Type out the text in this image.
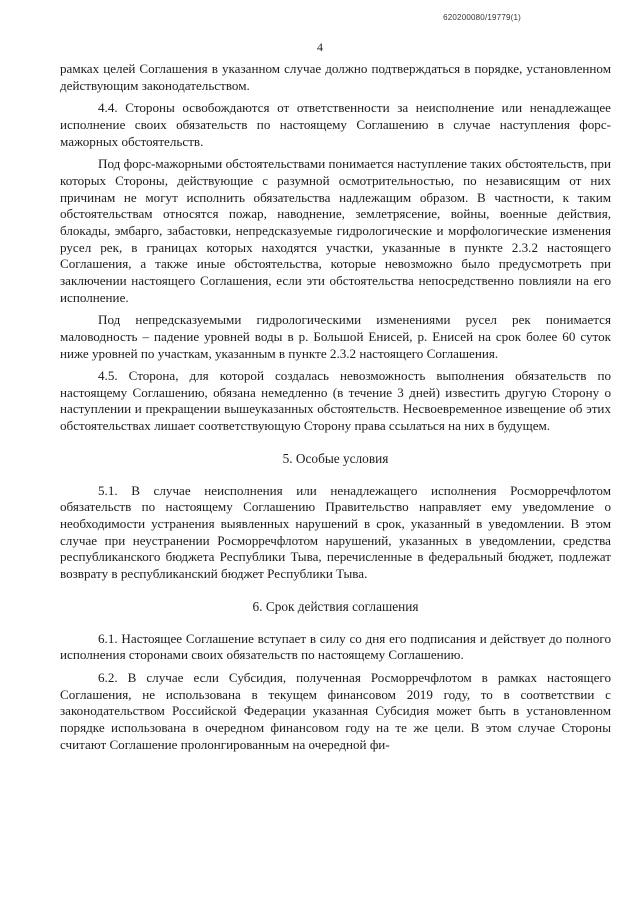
620200080/19779(1)
4

рамках целей Соглашения в указанном случае должно подтверждаться в порядке, установленном действующим законодательством.

4.4. Стороны освобождаются от ответственности за неисполнение или ненадлежащее исполнение своих обязательств по настоящему Соглашению в случае наступления форс-мажорных обстоятельств.

Под форс-мажорными обстоятельствами понимается наступление таких обстоятельств, при которых Стороны, действующие с разумной осмотрительностью, по независящим от них причинам не могут исполнить обязательства надлежащим образом. В частности, к таким обстоятельствам относятся пожар, наводнение, землетрясение, войны, военные действия, блокады, эмбарго, забастовки, непредсказуемые гидрологические и морфологические изменения русел рек, в границах которых находятся участки, указанные в пункте 2.3.2 настоящего Соглашения, а также иные обстоятельства, которые невозможно было предусмотреть при заключении настоящего Соглашения, если эти обстоятельства непосредственно повлияли на его исполнение.

Под непредсказуемыми гидрологическими изменениями русел рек понимается маловодность – падение уровней воды в р. Большой Енисей, р. Енисей на срок более 60 суток ниже уровней по участкам, указанным в пункте 2.3.2 настоящего Соглашения.

4.5. Сторона, для которой создалась невозможность выполнения обязательств по настоящему Соглашению, обязана немедленно (в течение 3 дней) известить другую Сторону о наступлении и прекращении вышеуказанных обстоятельств. Несвоевременное извещение об этих обстоятельствах лишает соответствующую Сторону права ссылаться на них в будущем.

5. Особые условия

5.1. В случае неисполнения или ненадлежащего исполнения Росморречфлотом обязательств по настоящему Соглашению Правительство направляет ему уведомление о необходимости устранения выявленных нарушений в срок, указанный в уведомлении. В этом случае при неустранении Росморречфлотом нарушений, указанных в уведомлении, средства республиканского бюджета Республики Тыва, перечисленные в федеральный бюджет, подлежат возврату в республиканский бюджет Республики Тыва.

6. Срок действия соглашения

6.1. Настоящее Соглашение вступает в силу со дня его подписания и действует до полного исполнения сторонами своих обязательств по настоящему Соглашению.

6.2. В случае если Субсидия, полученная Росморречфлотом в рамках настоящего Соглашения, не использована в текущем финансовом 2019 году, то в соответствии с законодательством Российской Федерации указанная Субсидия может быть в установленном порядке использована в очередном финансовом году на те же цели. В этом случае Стороны считают Соглашение пролонгированным на очередной фи-
